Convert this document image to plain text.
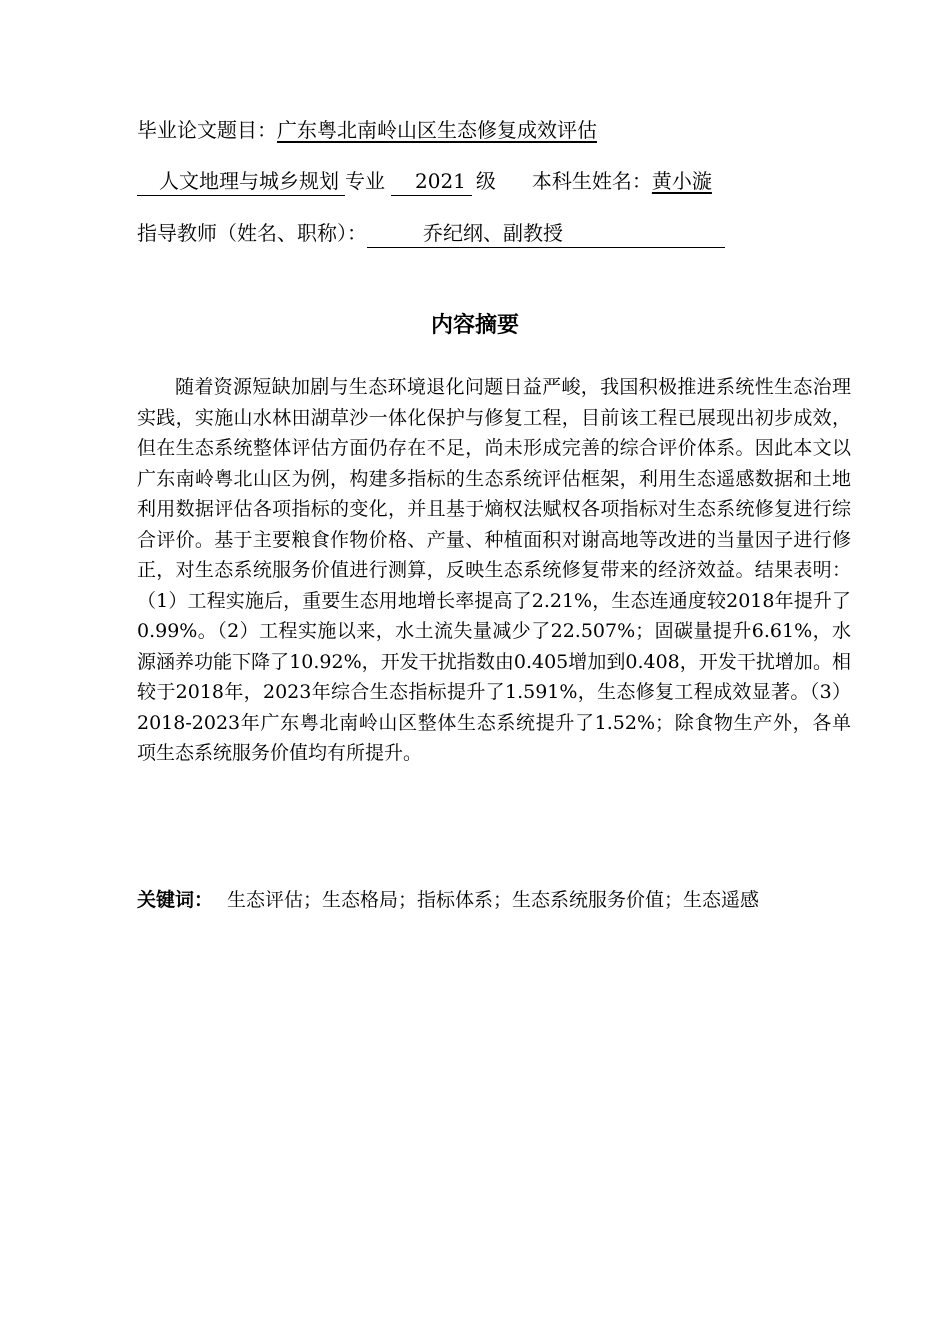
毕业论文题目：广东粤北南岭山区生态修复成效评估
人文地理与城乡规划 专业 2021 级 本科生姓名：黄小漩
指导教师（姓名、职称）：	乔纪纲、副教授
内容摘要

随着资源短缺加剧与生态环境退化问题日益严峻，我国积极推进系统性生态治理实践，实施山水林田湖草沙一体化保护与修复工程，目前该工程已展现出初步成效，但在生态系统整体评估方面仍存在不足，尚未形成完善的综合评价体系。因此本文以广东南岭粤北山区为例，构建多指标的生态系统评估框架，利用生态遥感数据和土地利用数据评估各项指标的变化，并且基于熵权法赋权各项指标对生态系统修复进行综合评价。基于主要粮食作物价格、产量、种植面积对谢高地等改进的当量因子进行修正，对生态系统服务价值进行测算，反映生态系统修复带来的经济效益。结果表明：（1）工程实施后，重要生态用地增长率提高了2.21%，生态连通度较2018年提升了0.99%。（2）工程实施以来，水土流失量减少了22.507%；固碳量提升6.61%，水源涵养功能下降了10.92%，开发干扰指数由0.405增加到0.408，开发干扰增加。相较于2018年，2023年综合生态指标提升了1.591%，生态修复工程成效显著。（3）2018-2023年广东粤北南岭山区整体生态系统提升了1.52%；除食物生产外，各单项生态系统服务价值均有所提升。

关键词： 生态评估；生态格局；指标体系；生态系统服务价值；生态遥感
